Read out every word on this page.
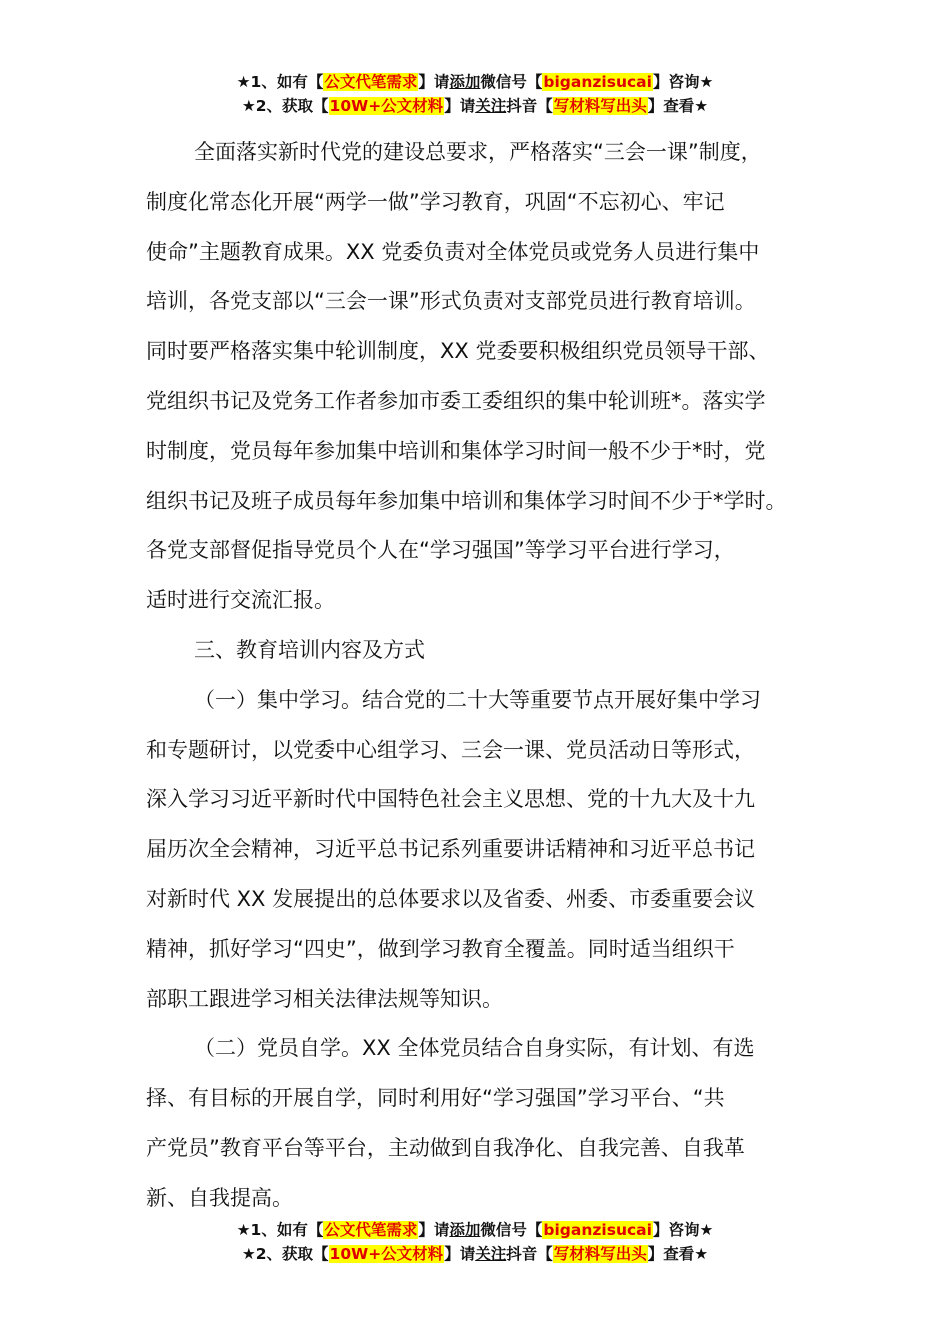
★1、如有【公文代笔需求】请添加微信号【biganzisucai】咨询★
★2、获取【10W+公文材料】请关注抖音【写材料写出头】查看★

全面落实新时代党的建设总要求，严格落实“三会一课”制度，
制度化常态化开展“两学一做”学习教育，巩固“不忘初心、牢记
使命”主题教育成果。XX 党委负责对全体党员或党务人员进行集中
培训，各党支部以“三会一课”形式负责对支部党员进行教育培训。
同时要严格落实集中轮训制度，XX 党委要积极组织党员领导干部、
党组织书记及党务工作者参加市委工委组织的集中轮训班*。落实学
时制度，党员每年参加集中培训和集体学习时间一般不少于*时，党
组织书记及班子成员每年参加集中培训和集体学习时间不少于*学时。
各党支部督促指导党员个人在“学习强国”等学习平台进行学习，
适时进行交流汇报。

三、教育培训内容及方式

（一）集中学习。结合党的二十大等重要节点开展好集中学习
和专题研讨，以党委中心组学习、三会一课、党员活动日等形式，
深入学习习近平新时代中国特色社会主义思想、党的十九大及十九
届历次全会精神，习近平总书记系列重要讲话精神和习近平总书记
对新时代 XX 发展提出的总体要求以及省委、州委、市委重要会议
精神，抓好学习“四史”，做到学习教育全覆盖。同时适当组织干
部职工跟进学习相关法律法规等知识。

（二）党员自学。XX 全体党员结合自身实际，有计划、有选
择、有目标的开展自学，同时利用好“学习强国”学习平台、“共
产党员”教育平台等平台，主动做到自我净化、自我完善、自我革
新、自我提高。

★1、如有【公文代笔需求】请添加微信号【biganzisucai】咨询★
★2、获取【10W+公文材料】请关注抖音【写材料写出头】查看★
